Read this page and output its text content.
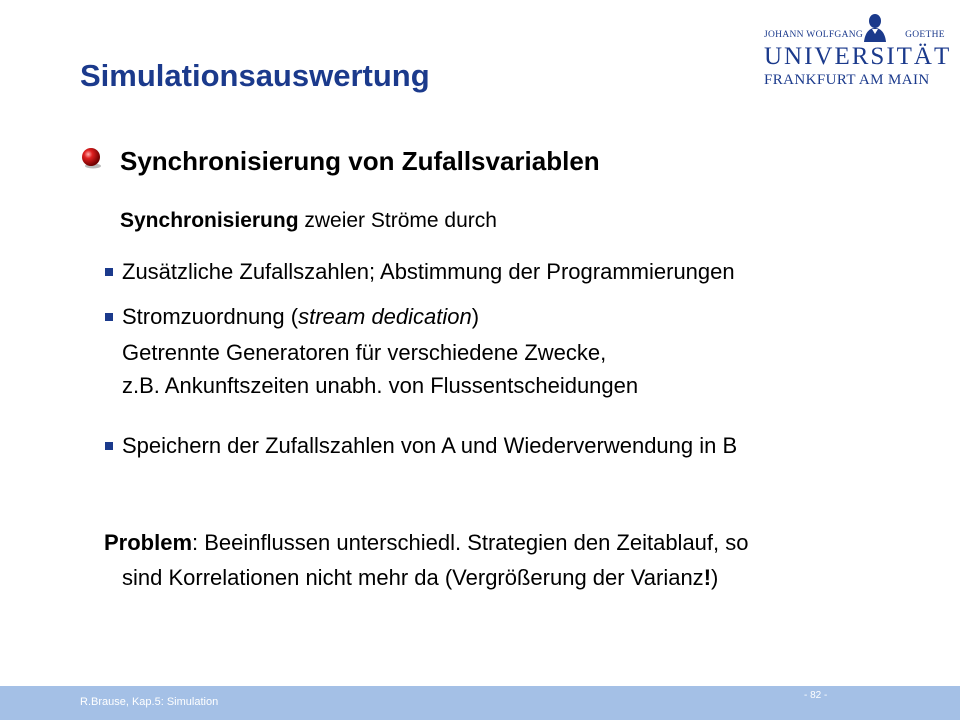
Simulationsauswertung
JOHANN WOLFGANG	GOETHE
UNIVERSITÄT
FRANKFURT AM MAIN
Synchronisierung von Zufallsvariablen
Synchronisierung zweier Ströme durch
Zusätzliche Zufallszahlen; Abstimmung der Programmierungen
Stromzuordnung (stream dedication)
Getrennte Generatoren für verschiedene Zwecke,
z.B. Ankunftszeiten unabh. von Flussentscheidungen
Speichern der Zufallszahlen von A und Wiederverwendung in B
Problem: Beeinflussen unterschiedl. Strategien den Zeitablauf, so
sind Korrelationen nicht mehr da (Vergrößerung der Varianz!)
R.Brause, Kap.5: Simulation
- 82 -
